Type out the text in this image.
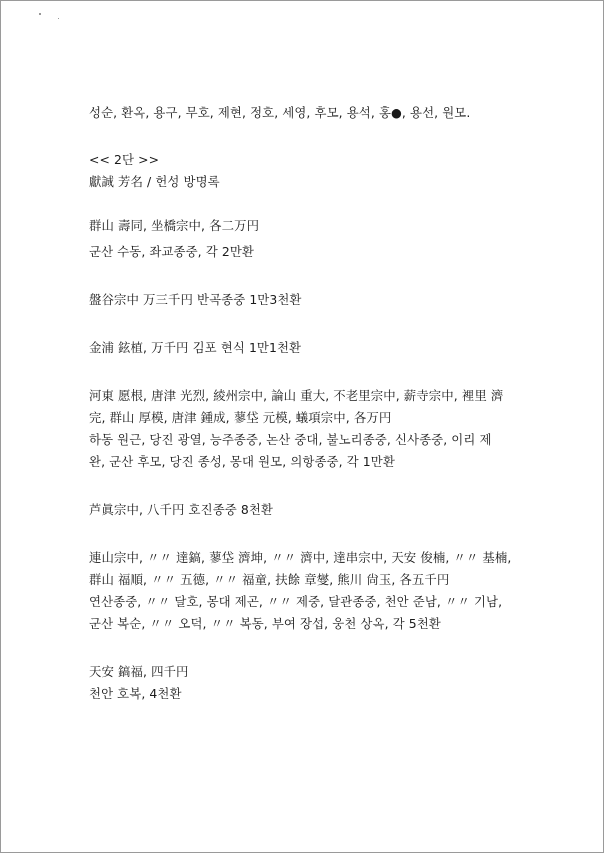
성순, 환옥, 용구, 무호, 제현, 정호, 세영, 후모, 용석, 홍●, 용선, 원모.
<< 2단 >>
獻誠 芳名 / 헌성 방명록
群山 壽同, 坐橋宗中, 各二万円
군산 수동, 좌교종중, 각 2만환
盤谷宗中 万三千円 반곡종중 1만3천환
金浦 鉉植, 万千円 김포 현식 1만1천환
河東 愿根, 唐津 光烈, 綾州宗中, 論山 重大, 不老里宗中, 薪寺宗中, 裡里 濟
完, 群山 厚模, 唐津 鍾成, 蓼垈 元模, 蟻項宗中, 各万円
하동 원근, 당진 광열, 능주종중, 논산 중대, 불노리종중, 신사종중, 이리 제
완, 군산 후모, 당진 종성, 몽대 원모, 의항종중, 각 1만환
芦眞宗中, 八千円 호진종중 8천환
連山宗中, 〃〃 達鎬, 蓼垈 濟坤, 〃〃 濟中, 達串宗中, 天安 俊楠, 〃〃 基楠,
群山 福順, 〃〃 五德, 〃〃 福童, 扶餘 章燮, 熊川 尙玉, 各五千円
연산종중, 〃〃 달호, 몽대 제곤, 〃〃 제중, 달관종중, 천안 준남, 〃〃 기남,
군산 복순, 〃〃 오덕, 〃〃 복동, 부여 장섭, 웅천 상옥, 각 5천환
天安 鎬福, 四千円
천안 호복, 4천환
